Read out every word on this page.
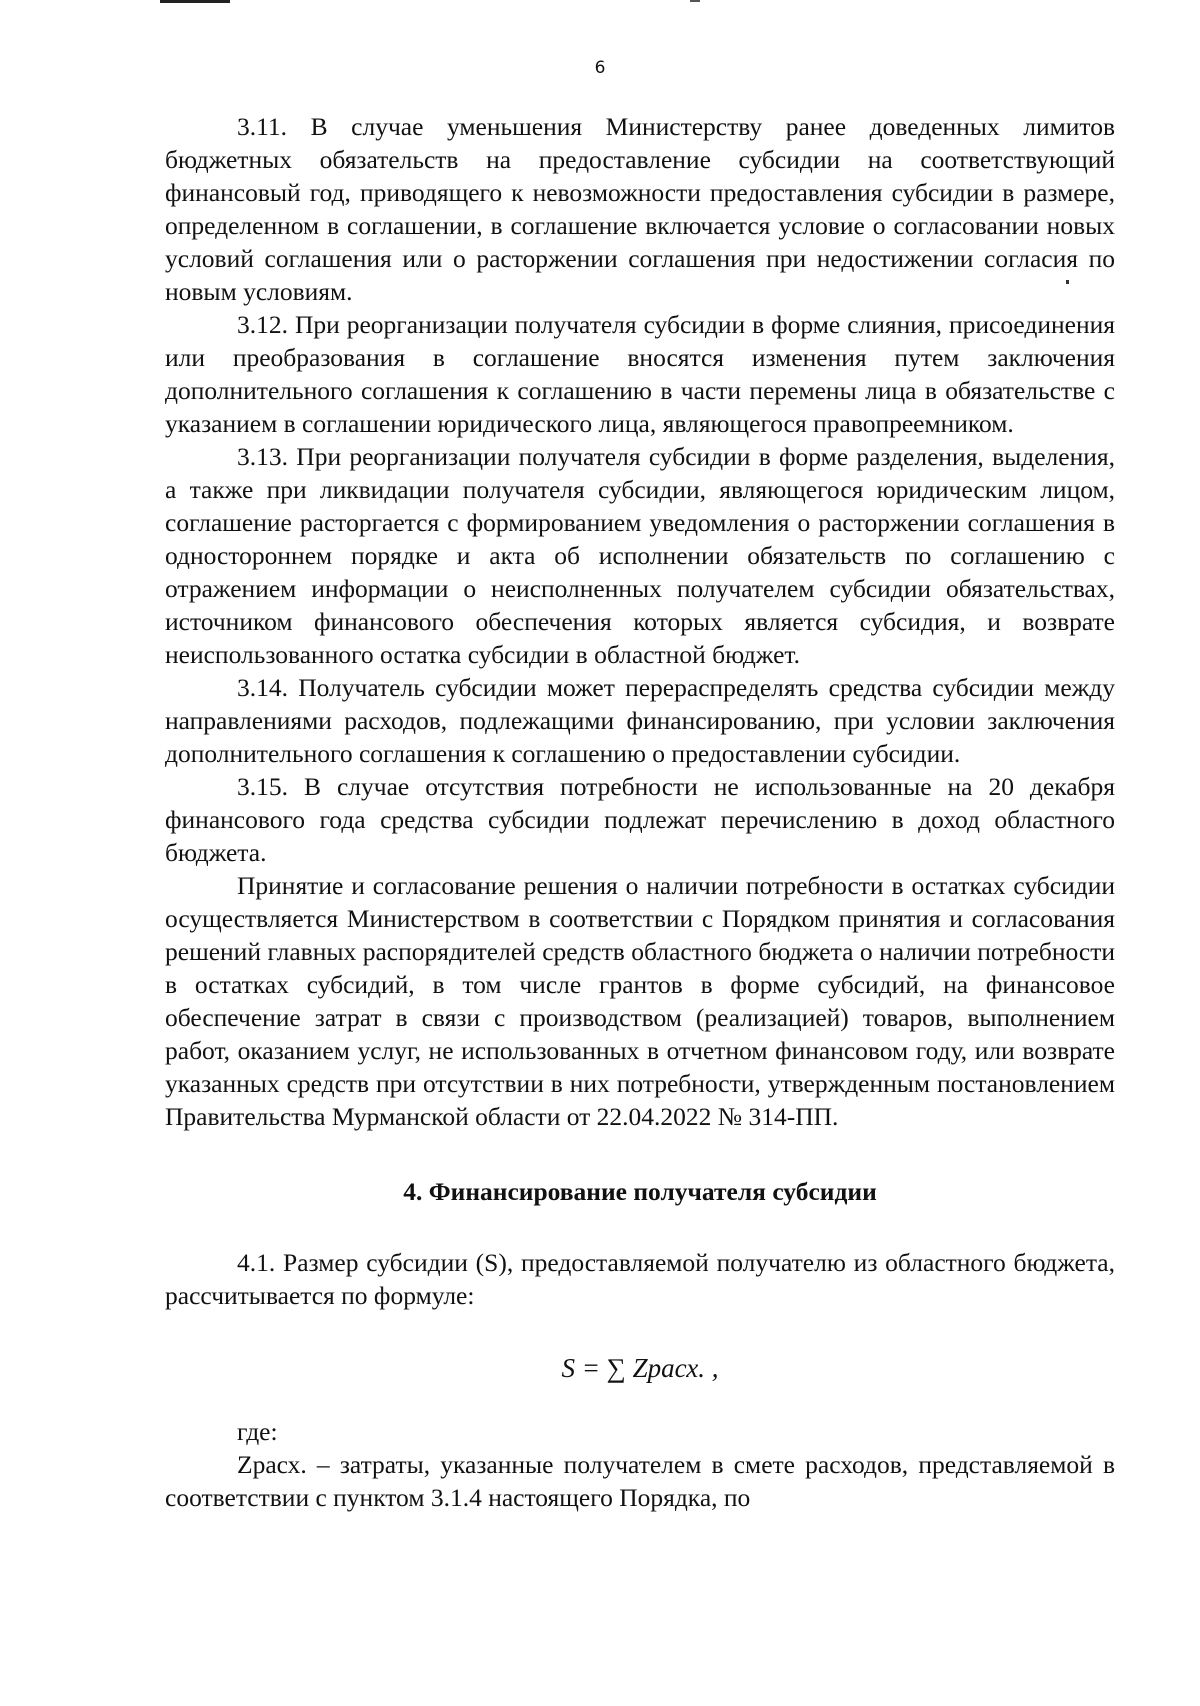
6

3.11. В случае уменьшения Министерству ранее доведенных лимитов бюджетных обязательств на предоставление субсидии на соответствующий финансовый год, приводящего к невозможности предоставления субсидии в размере, определенном в соглашении, в соглашение включается условие о согласовании новых условий соглашения или о расторжении соглашения при недостижении согласия по новым условиям.

3.12. При реорганизации получателя субсидии в форме слияния, присоединения или преобразования в соглашение вносятся изменения путем заключения дополнительного соглашения к соглашению в части перемены лица в обязательстве с указанием в соглашении юридического лица, являющегося правопреемником.

3.13. При реорганизации получателя субсидии в форме разделения, выделения, а также при ликвидации получателя субсидии, являющегося юридическим лицом, соглашение расторгается с формированием уведомления о расторжении соглашения в одностороннем порядке и акта об исполнении обязательств по соглашению с отражением информации о неисполненных получателем субсидии обязательствах, источником финансового обеспечения которых является субсидия, и возврате неиспользованного остатка субсидии в областной бюджет.

3.14. Получатель субсидии может перераспределять средства субсидии между направлениями расходов, подлежащими финансированию, при условии заключения дополнительного соглашения к соглашению о предоставлении субсидии.

3.15. В случае отсутствия потребности не использованные на 20 декабря финансового года средства субсидии подлежат перечислению в доход областного бюджета.

Принятие и согласование решения о наличии потребности в остатках субсидии осуществляется Министерством в соответствии с Порядком принятия и согласования решений главных распорядителей средств областного бюджета о наличии потребности в остатках субсидий, в том числе грантов в форме субсидий, на финансовое обеспечение затрат в связи с производством (реализацией) товаров, выполнением работ, оказанием услуг, не использованных в отчетном финансовом году, или возврате указанных средств при отсутствии в них потребности, утвержденным постановлением Правительства Мурманской области от 22.04.2022 № 314-ПП.

4. Финансирование получателя субсидии

4.1. Размер субсидии (S), предоставляемой получателю из областного бюджета, рассчитывается по формуле:

S = ∑ Zрасх. ,

где:

Zрасх. – затраты, указанные получателем в смете расходов, представляемой в соответствии с пунктом 3.1.4 настоящего Порядка, по
